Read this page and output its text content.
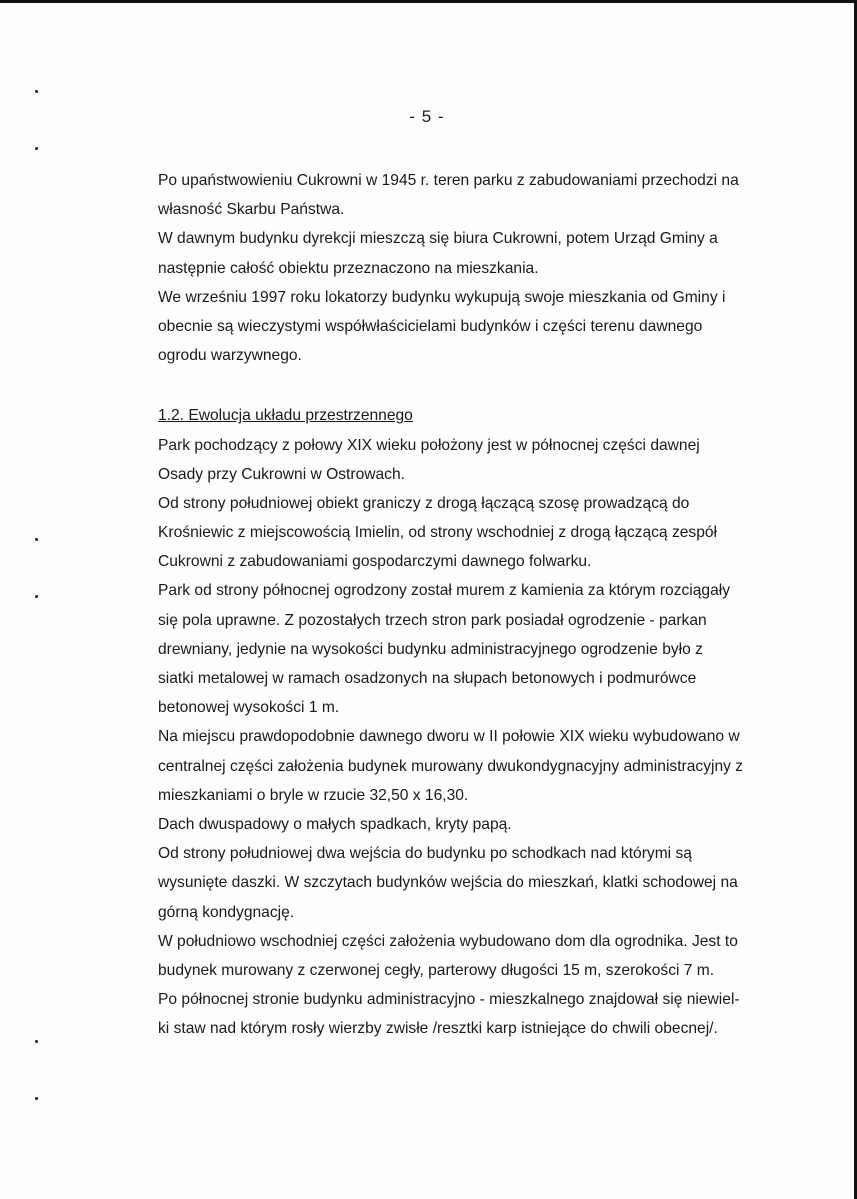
- 5 -
Po upaństwowieniu Cukrowni w 1945 r. teren parku z zabudowaniami przechodzi na
własność Skarbu Państwa.
W dawnym budynku dyrekcji mieszczą się biura Cukrowni, potem Urząd Gminy a
następnie całość obiektu przeznaczono na mieszkania.
We wrześniu 1997 roku lokatorzy budynku wykupują swoje mieszkania od Gminy i
obecnie są wieczystymi współwłaścicielami budynków i części terenu dawnego
ogrodu warzywnego.
1.2. Ewolucja układu przestrzennego
Park pochodzący z połowy XIX wieku położony jest w północnej części dawnej
Osady przy Cukrowni w Ostrowach.
Od strony południowej obiekt graniczy z drogą łączącą szosę prowadzącą do
Krośniewic z miejscowością Imielin, od strony wschodniej z drogą łączącą zespół
Cukrowni z zabudowaniami gospodarczymi dawnego folwarku.
Park od strony północnej ogrodzony został murem z kamienia za którym rozciągały
się pola uprawne. Z pozostałych trzech stron park posiadał ogrodzenie - parkan
drewniany, jedynie na wysokości budynku administracyjnego ogrodzenie było z
siatki metalowej w ramach osadzonych na słupach betonowych i podmurówce
betonowej wysokości 1 m.
Na miejscu prawdopodobnie dawnego dworu w II połowie XIX wieku wybudowano w
centralnej części założenia budynek murowany dwukondygnacyjny administracyjny z
mieszkaniami o bryle w rzucie 32,50 x 16,30.
Dach dwuspadowy o małych spadkach, kryty papą.
Od strony południowej dwa wejścia do budynku po schodkach nad którymi są
wysunięte daszki. W szczytach budynków wejścia do mieszkań, klatki schodowej na
górną kondygnację.
W południowo wschodniej części założenia wybudowano dom dla ogrodnika. Jest to
budynek murowany z czerwonej cegły, parterowy długości 15 m, szerokości 7 m.
Po północnej stronie budynku administracyjno - mieszkalnego znajdował się niewiel-
ki staw nad którym rosły wierzby zwisłe /resztki karp istniejące do chwili obecnej/.
